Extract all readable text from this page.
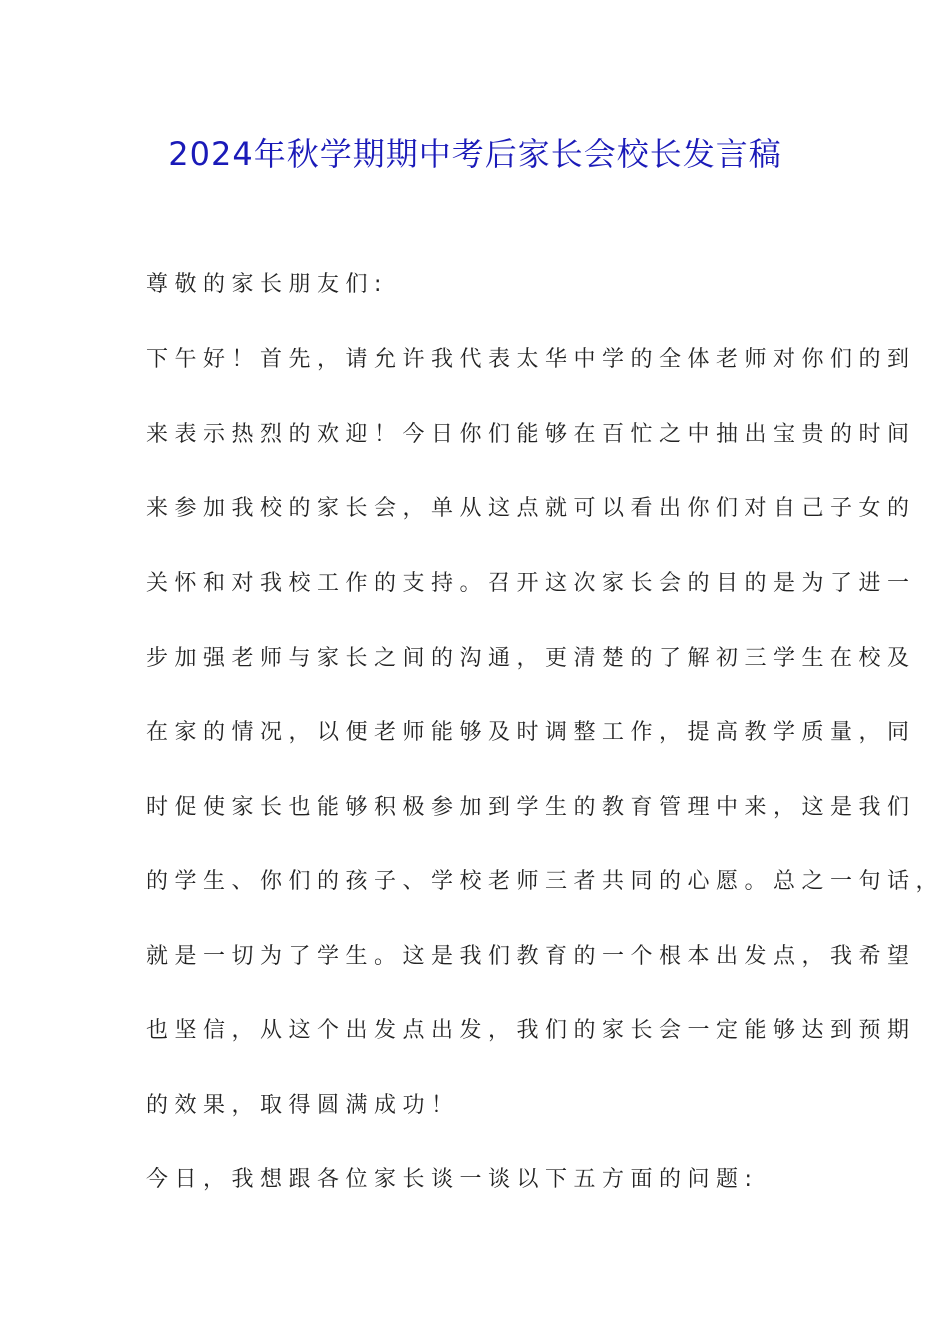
2024年秋学期期中考后家长会校长发言稿
尊敬的家长朋友们:
下午好！首先，请允许我代表太华中学的全体老师对你们的到
来表示热烈的欢迎！今日你们能够在百忙之中抽出宝贵的时间
来参加我校的家长会，单从这点就可以看出你们对自己子女的
关怀和对我校工作的支持。召开这次家长会的目的是为了进一
步加强老师与家长之间的沟通，更清楚的了解初三学生在校及
在家的情况，以便老师能够及时调整工作，提高教学质量，同
时促使家长也能够积极参加到学生的教育管理中来，这是我们
的学生、你们的孩子、学校老师三者共同的心愿。总之一句话，
就是一切为了学生。这是我们教育的一个根本出发点，我希望
也坚信，从这个出发点出发，我们的家长会一定能够达到预期
的效果，取得圆满成功！
今日，我想跟各位家长谈一谈以下五方面的问题:
